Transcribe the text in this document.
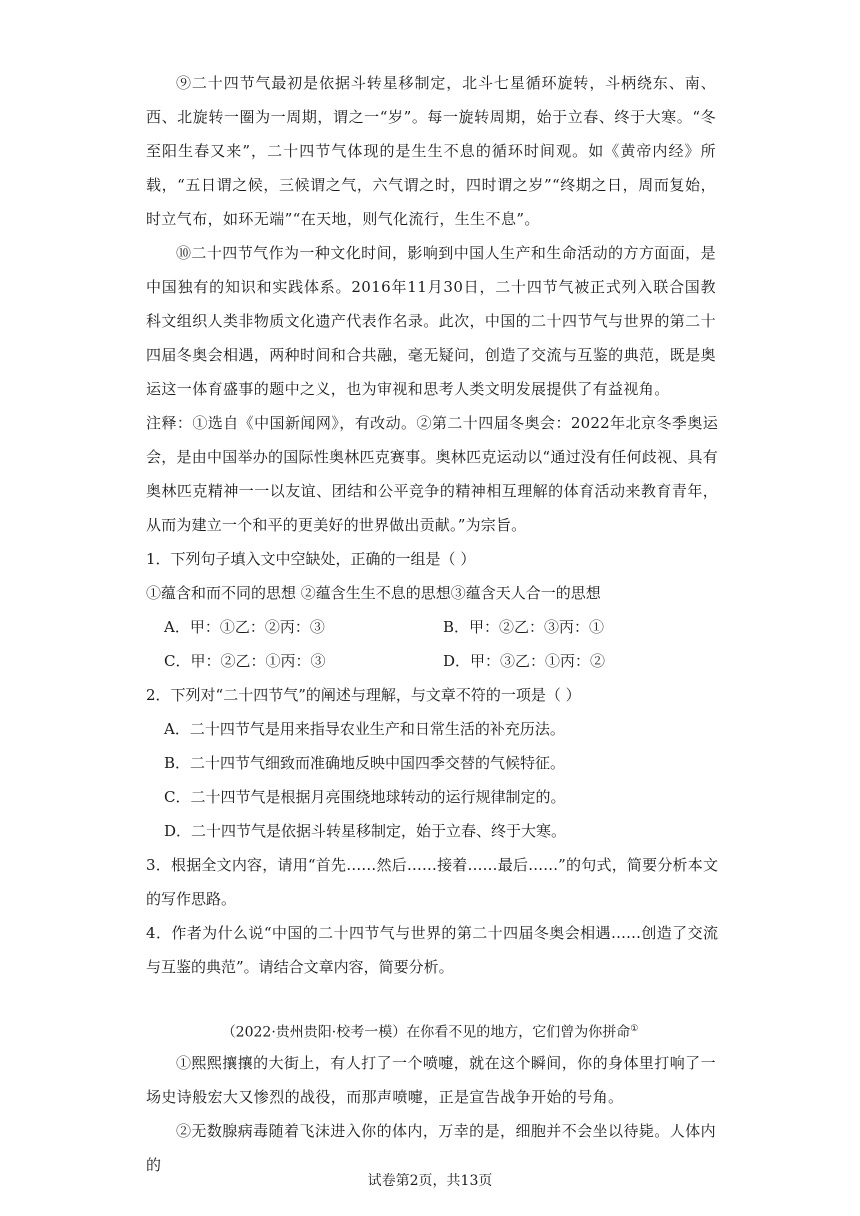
⑨二十四节气最初是依据斗转星移制定，北斗七星循环旋转，斗柄绕东、南、西、北旋转一圈为一周期，谓之一“岁”。每一旋转周期，始于立春、终于大寒。“冬至阳生春又来”，二十四节气体现的是生生不息的循环时间观。如《黄帝内经》所载，“五日谓之候，三候谓之气，六气谓之时，四时谓之岁”“终期之日，周而复始，时立气布，如环无端”“在天地，则气化流行，生生不息”。
⑩二十四节气作为一种文化时间，影响到中国人生产和生命活动的方方面面，是中国独有的知识和实践体系。2016年11月30日，二十四节气被正式列入联合国教科文组织人类非物质文化遗产代表作名录。此次，中国的二十四节气与世界的第二十四届冬奥会相遇，两种时间和合共融，毫无疑问，创造了交流与互鉴的典范，既是奥运这一体育盛事的题中之义，也为审视和思考人类文明发展提供了有益视角。
注释：①选自《中国新闻网》，有改动。②第二十四届冬奥会：2022年北京冬季奥运会，是由中国举办的国际性奥林匹克赛事。奥林匹克运动以“通过没有任何歧视、具有奥林匹克精神一一以友谊、团结和公平竞争的精神相互理解的体育活动来教育青年，从而为建立一个和平的更美好的世界做出贡献。”为宗旨。
1．下列句子填入文中空缺处，正确的一组是（ ）
①蕴含和而不同的思想 ②蕴含生生不息的思想③蕴含天人合一的思想
A．甲：①乙：②丙：③	B．甲：②乙：③丙：①
C．甲：②乙：①丙：③	D．甲：③乙：①丙：②
2．下列对“二十四节气”的阐述与理解，与文章不符的一项是（ ）
A．二十四节气是用来指导农业生产和日常生活的补充历法。
B．二十四节气细致而准确地反映中国四季交替的气候特征。
C．二十四节气是根据月亮围绕地球转动的运行规律制定的。
D．二十四节气是依据斗转星移制定，始于立春、终于大寒。
3．根据全文内容，请用“首先……然后……接着……最后……”的句式，简要分析本文的写作思路。
4．作者为什么说“中国的二十四节气与世界的第二十四届冬奥会相遇……创造了交流与互鉴的典范”。请结合文章内容，简要分析。
（2022·贵州贵阳·校考一模）在你看不见的地方，它们曾为你拼命①
①熙熙攘攘的大街上，有人打了一个喷嚏，就在这个瞬间，你的身体里打响了一场史诗般宏大又惨烈的战役，而那声喷嚏，正是宣告战争开始的号角。
②无数腺病毒随着飞沫进入你的体内，万幸的是，细胞并不会坐以待毙。人体内的
试卷第2页，共13页
